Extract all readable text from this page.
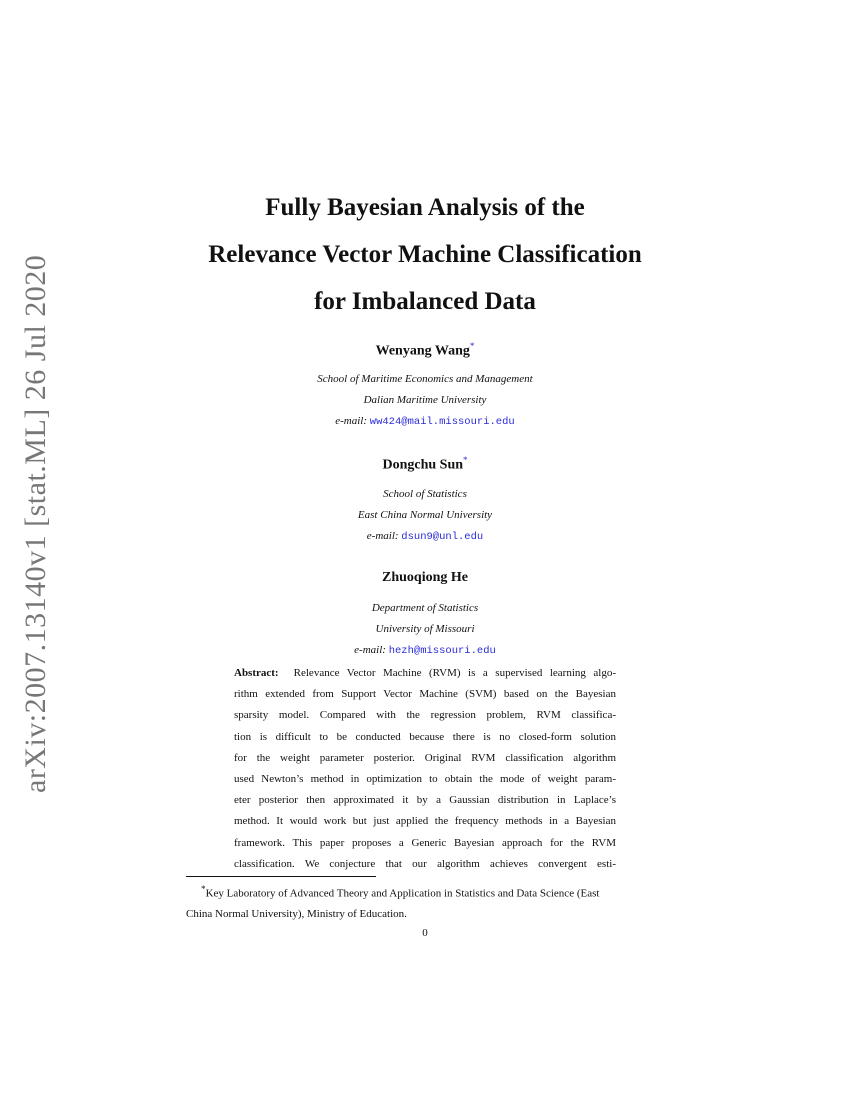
arXiv:2007.13140v1 [stat.ML] 26 Jul 2020
Fully Bayesian Analysis of the
Relevance Vector Machine Classification
for Imbalanced Data
Wenyang Wang*
School of Maritime Economics and Management
Dalian Maritime University
e-mail: ww424@mail.missouri.edu
Dongchu Sun*
School of Statistics
East China Normal University
e-mail: dsun9@unl.edu
Zhuoqiong He
Department of Statistics
University of Missouri
e-mail: hezh@missouri.edu
Abstract: Relevance Vector Machine (RVM) is a supervised learning algo-
rithm extended from Support Vector Machine (SVM) based on the Bayesian
sparsity model. Compared with the regression problem, RVM classifica-
tion is difficult to be conducted because there is no closed-form solution
for the weight parameter posterior. Original RVM classification algorithm
used Newton’s method in optimization to obtain the mode of weight param-
eter posterior then approximated it by a Gaussian distribution in Laplace’s
method. It would work but just applied the frequency methods in a Bayesian
framework. This paper proposes a Generic Bayesian approach for the RVM
classification. We conjecture that our algorithm achieves convergent esti-
*Key Laboratory of Advanced Theory and Application in Statistics and Data Science (East
China Normal University), Ministry of Education.
0
